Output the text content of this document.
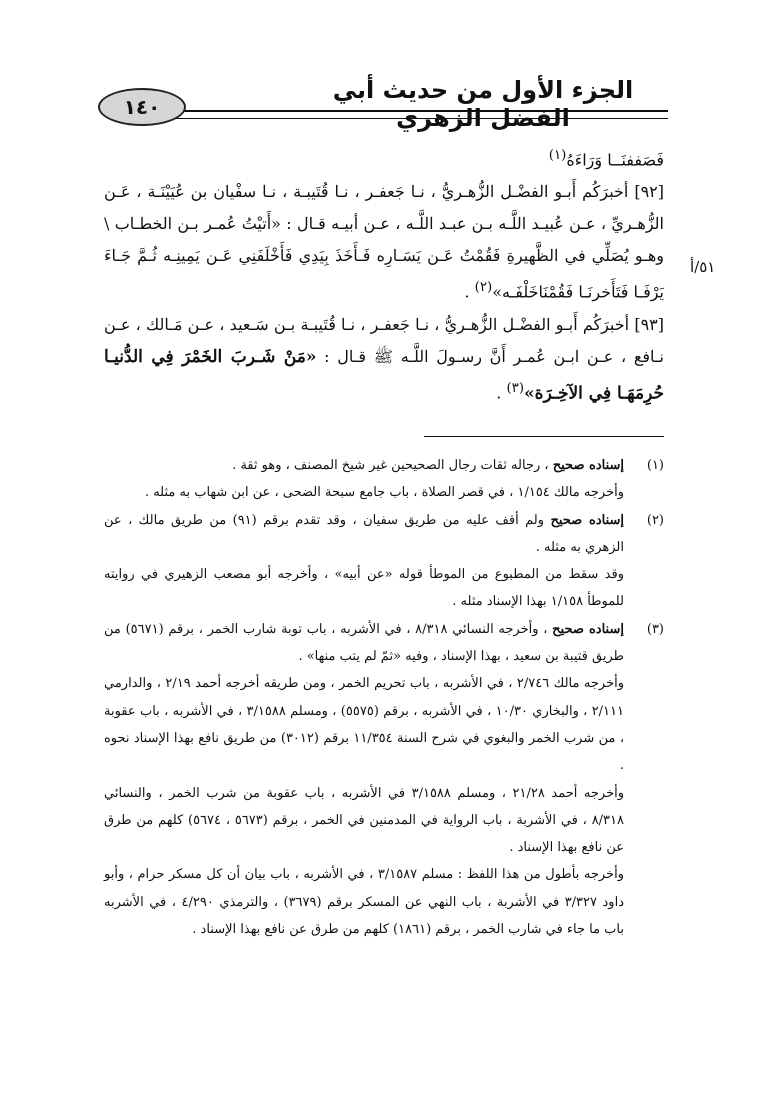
الجزء الأول من حديث أبي الفضل الزهري
١٤٠

فَصَففنَــا وَرَاءَهُ$^{(١)}$

[٩٢] أخبرَكُم أَبـو الفضْـل الزُّهـريُّ ، نـا جَعفـر ، نـا قُتَيبـة ، نـا سفْيان بن عُيَيْنَـة ، عَـن الزُّهـريِّ ، عـن عُبيـد اللَّـه بـن عبـد اللَّـه ، عـن أبيـه قـال : «أَتيْتُ عُمـر بـن الخطـاب \ وهـو يُصَلِّي في الظَّهيرةِ فَقُمْتُ عَـن يَسَـارِه فَـأَخَذَ بِيَدِي فَأَخْلَفَنِي عَـن يَمِينِـه ثُـمَّ جَـاءَ يَرْفَـا فَتَأَخرنَـا فَقُمْنَاخَلْفَـه»$^{(٢)}$ .

[٩٣] أخبرَكُم أَبـو الفضْـل الزُّهـريُّ ، نـا جَعفـر ، نـا قُتَيبـة بـن سَـعيد ، عـن مَـالك ، عـن نـافع ، عـن ابـن عُمـر أَنَّ رسـولَ اللَّـه ﷺ قـال : «مَنْ شَـربَ الخَمْرَ فِي الدُّنيـا حُرِمَهَـا فِي الآخِـرَة»$^{(٣)}$ .

٥١/أ
(١)

إسناده صحيح ، رجاله ثقات رجال الصحيحين غير شيخ المصنف ، وهو ثقة .

وأخرجه مالك ١/١٥٤ ، في قصر الصلاة ، باب جامع سبحة الضحى ، عن ابن شهاب به مثله .

(٢)

إسناده صحيح ولم أقف عليه من طريق سفيان ، وقد تقدم برقم (٩١) من طريق مالك ، عن الزهري به مثله .

وقد سقط من المطبوع من الموطأ قوله «عن أبيه» ، وأخرجه أبو مصعب الزهيري في روايته للموطأ ١/١٥٨ بهذا الإسناد مثله .

(٣)

إسناده صحيح ، وأخرجه النسائي ٨/٣١٨ ، في الأشربه ، باب توبة شارب الخمر ، برقم (٥٦٧١) من طريق قتيبة بن سعيد ، بهذا الإسناد ، وفيه «ثمّ لم يتب منها» .

وأخرجه مالك ٢/٧٤٦ ، في الأشربه ، باب تحريم الخمر ، ومن طريقه أخرجه أحمد ٢/١٩ ، والدارمي ٢/١١١ ، والبخاري ١٠/٣٠ ، في الأشربه ، برقم (٥٥٧٥) ، ومسلم ٣/١٥٨٨ ، في الأشربه ، باب عقوبة ، من شرب الخمر والبغوي في شرح السنة ١١/٣٥٤ برقم (٣٠١٢) من طريق نافع بهذا الإسناد نحوه .

وأخرجه أحمد ٢١/٢٨ ، ومسلم ٣/١٥٨٨ في الأشربه ، باب عقوبة من شرب الخمر ، والنسائي ٨/٣١٨ ، في الأشربة ، باب الرواية في المدمنين في الخمر ، برقم (٥٦٧٣ ، ٥٦٧٤) كلهم من طرق عن نافع بهذا الإسناد .

وأخرجه بأطول من هذا اللفظ : مسلم ٣/١٥٨٧ ، في الأشربه ، باب بيان أن كل مسكر حرام ، وأبو داود ٣/٣٢٧ في الأشربة ، باب النهي عن المسكر برقم (٣٦٧٩) ، والترمذي ٤/٢٩٠ ، في الأشربه باب ما جاء في شارب الخمر ، برقم (١٨٦١) كلهم من طرق عن نافع بهذا الإسناد .
